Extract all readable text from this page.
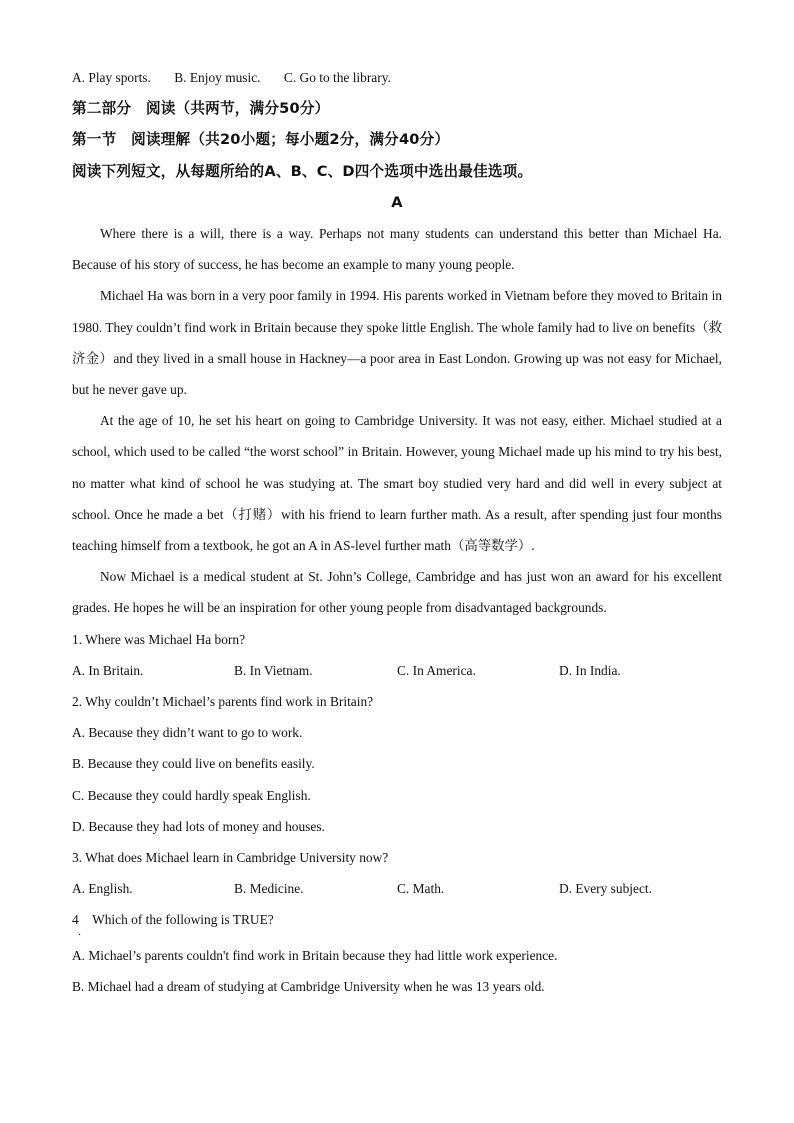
A. Play sports. B. Enjoy music. C. Go to the library.
第二部分　阅读（共两节，满分50分）
第一节　阅读理解（共20小题；每小题2分，满分40分）
阅读下列短文，从每题所给的A、B、C、D四个选项中选出最佳选项。
A
Where there is a will, there is a way. Perhaps not many students can understand this better than Michael Ha. Because of his story of success, he has become an example to many young people.
Michael Ha was born in a very poor family in 1994. His parents worked in Vietnam before they moved to Britain in 1980. They couldn’t find work in Britain because they spoke little English. The whole family had to live on benefits（救济金）and they lived in a small house in Hackney—a poor area in East London. Growing up was not easy for Michael, but he never gave up.
At the age of 10, he set his heart on going to Cambridge University. It was not easy, either. Michael studied at a school, which used to be called “the worst school” in Britain. However, young Michael made up his mind to try his best, no matter what kind of school he was studying at. The smart boy studied very hard and did well in every subject at school. Once he made a bet（打赌）with his friend to learn further math. As a result, after spending just four months teaching himself from a textbook, he got an A in AS-level further math（高等数学）.
Now Michael is a medical student at St. John’s College, Cambridge and has just won an award for his excellent grades. He hopes he will be an inspiration for other young people from disadvantaged backgrounds.
1. Where was Michael Ha born?
A. In Britain.	B. In Vietnam.	C. In America.	D. In India.
2. Why couldn’t Michael’s parents find work in Britain?
A. Because they didn’t want to go to work.
B. Because they could live on benefits easily.
C. Because they could hardly speak English.
D. Because they had lots of money and houses.
3. What does Michael learn in Cambridge University now?
A. English.	B. Medicine.	C. Math.	D. Every subject.
4　Which of the following is TRUE?
．
A. Michael’s parents couldn't find work in Britain because they had little work experience.
B. Michael had a dream of studying at Cambridge University when he was 13 years old.
